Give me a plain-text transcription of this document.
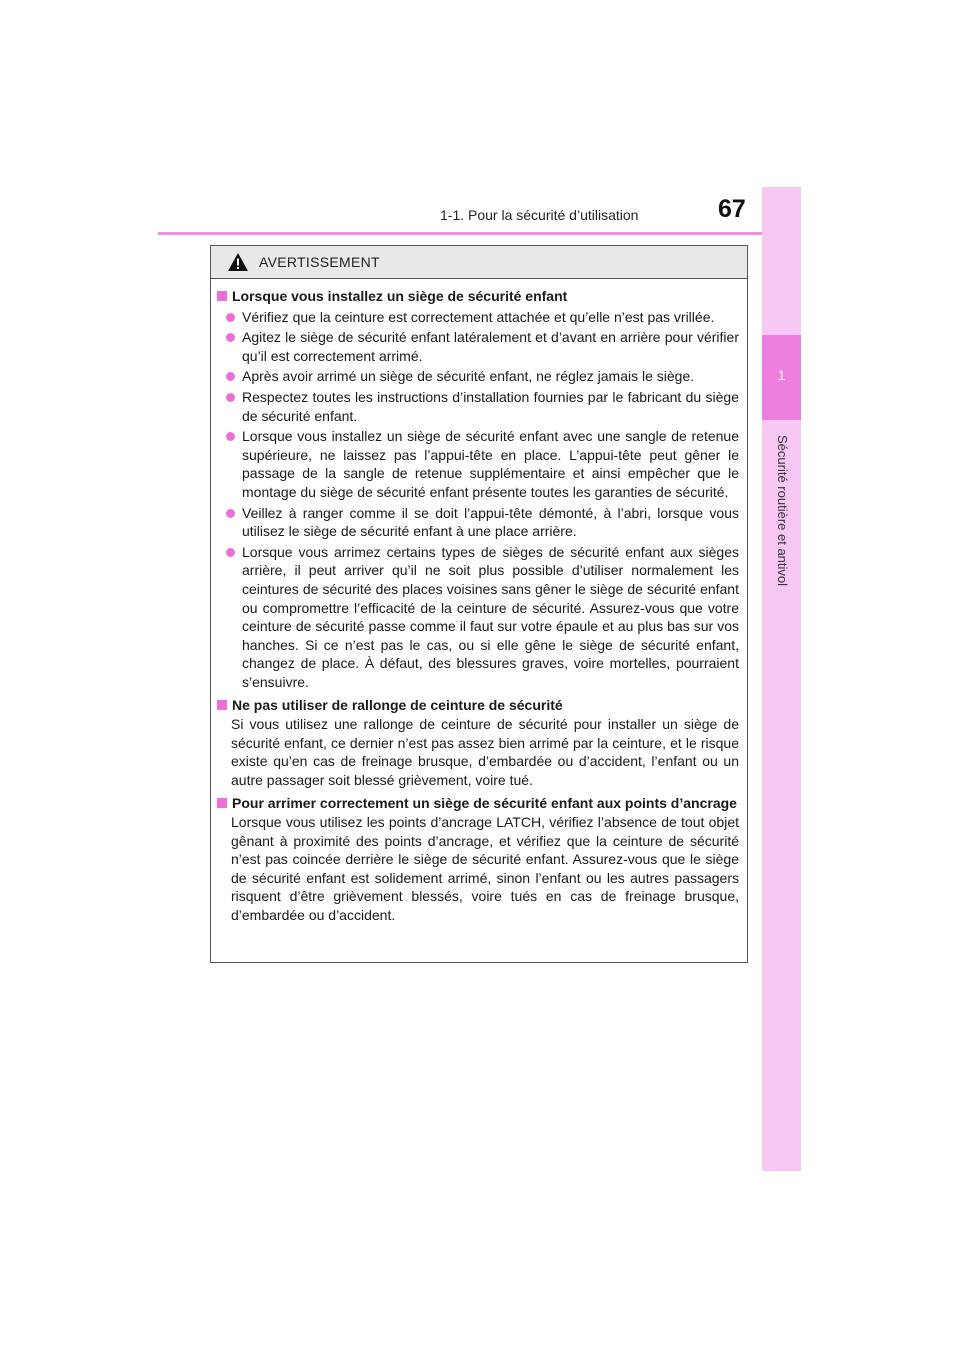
1-1. Pour la sécurité d’utilisation	67
1
Sécurité routière et antivol
AVERTISSEMENT
Lorsque vous installez un siège de sécurité enfant
Vérifiez que la ceinture est correctement attachée et qu’elle n’est pas vrillée.
Agitez le siège de sécurité enfant latéralement et d’avant en arrière pour vérifier qu’il est correctement arrimé.
Après avoir arrimé un siège de sécurité enfant, ne réglez jamais le siège.
Respectez toutes les instructions d’installation fournies par le fabricant du siège de sécurité enfant.
Lorsque vous installez un siège de sécurité enfant avec une sangle de retenue supérieure, ne laissez pas l’appui-tête en place. L’appui-tête peut gêner le passage de la sangle de retenue supplémentaire et ainsi empêcher que le montage du siège de sécurité enfant présente toutes les garanties de sécurité.
Veillez à ranger comme il se doit l’appui-tête démonté, à l’abri, lorsque vous utilisez le siège de sécurité enfant à une place arrière.
Lorsque vous arrimez certains types de sièges de sécurité enfant aux sièges arrière, il peut arriver qu’il ne soit plus possible d’utiliser normalement les ceintures de sécurité des places voisines sans gêner le siège de sécurité enfant ou compromettre l’efficacité de la ceinture de sécurité. Assurez-vous que votre ceinture de sécurité passe comme il faut sur votre épaule et au plus bas sur vos hanches. Si ce n’est pas le cas, ou si elle gêne le siège de sécurité enfant, changez de place. À défaut, des blessures graves, voire mortelles, pourraient s’ensuivre.
Ne pas utiliser de rallonge de ceinture de sécurité
Si vous utilisez une rallonge de ceinture de sécurité pour installer un siège de sécurité enfant, ce dernier n’est pas assez bien arrimé par la ceinture, et le risque existe qu’en cas de freinage brusque, d’embardée ou d’accident, l’enfant ou un autre passager soit blessé grièvement, voire tué.
Pour arrimer correctement un siège de sécurité enfant aux points d’ancrage
Lorsque vous utilisez les points d’ancrage LATCH, vérifiez l’absence de tout objet gênant à proximité des points d’ancrage, et vérifiez que la ceinture de sécurité n’est pas coincée derrière le siège de sécurité enfant. Assurez-vous que le siège de sécurité enfant est solidement arrimé, sinon l’enfant ou les autres passagers risquent d’être grièvement blessés, voire tués en cas de freinage brusque, d’embardée ou d’accident.
